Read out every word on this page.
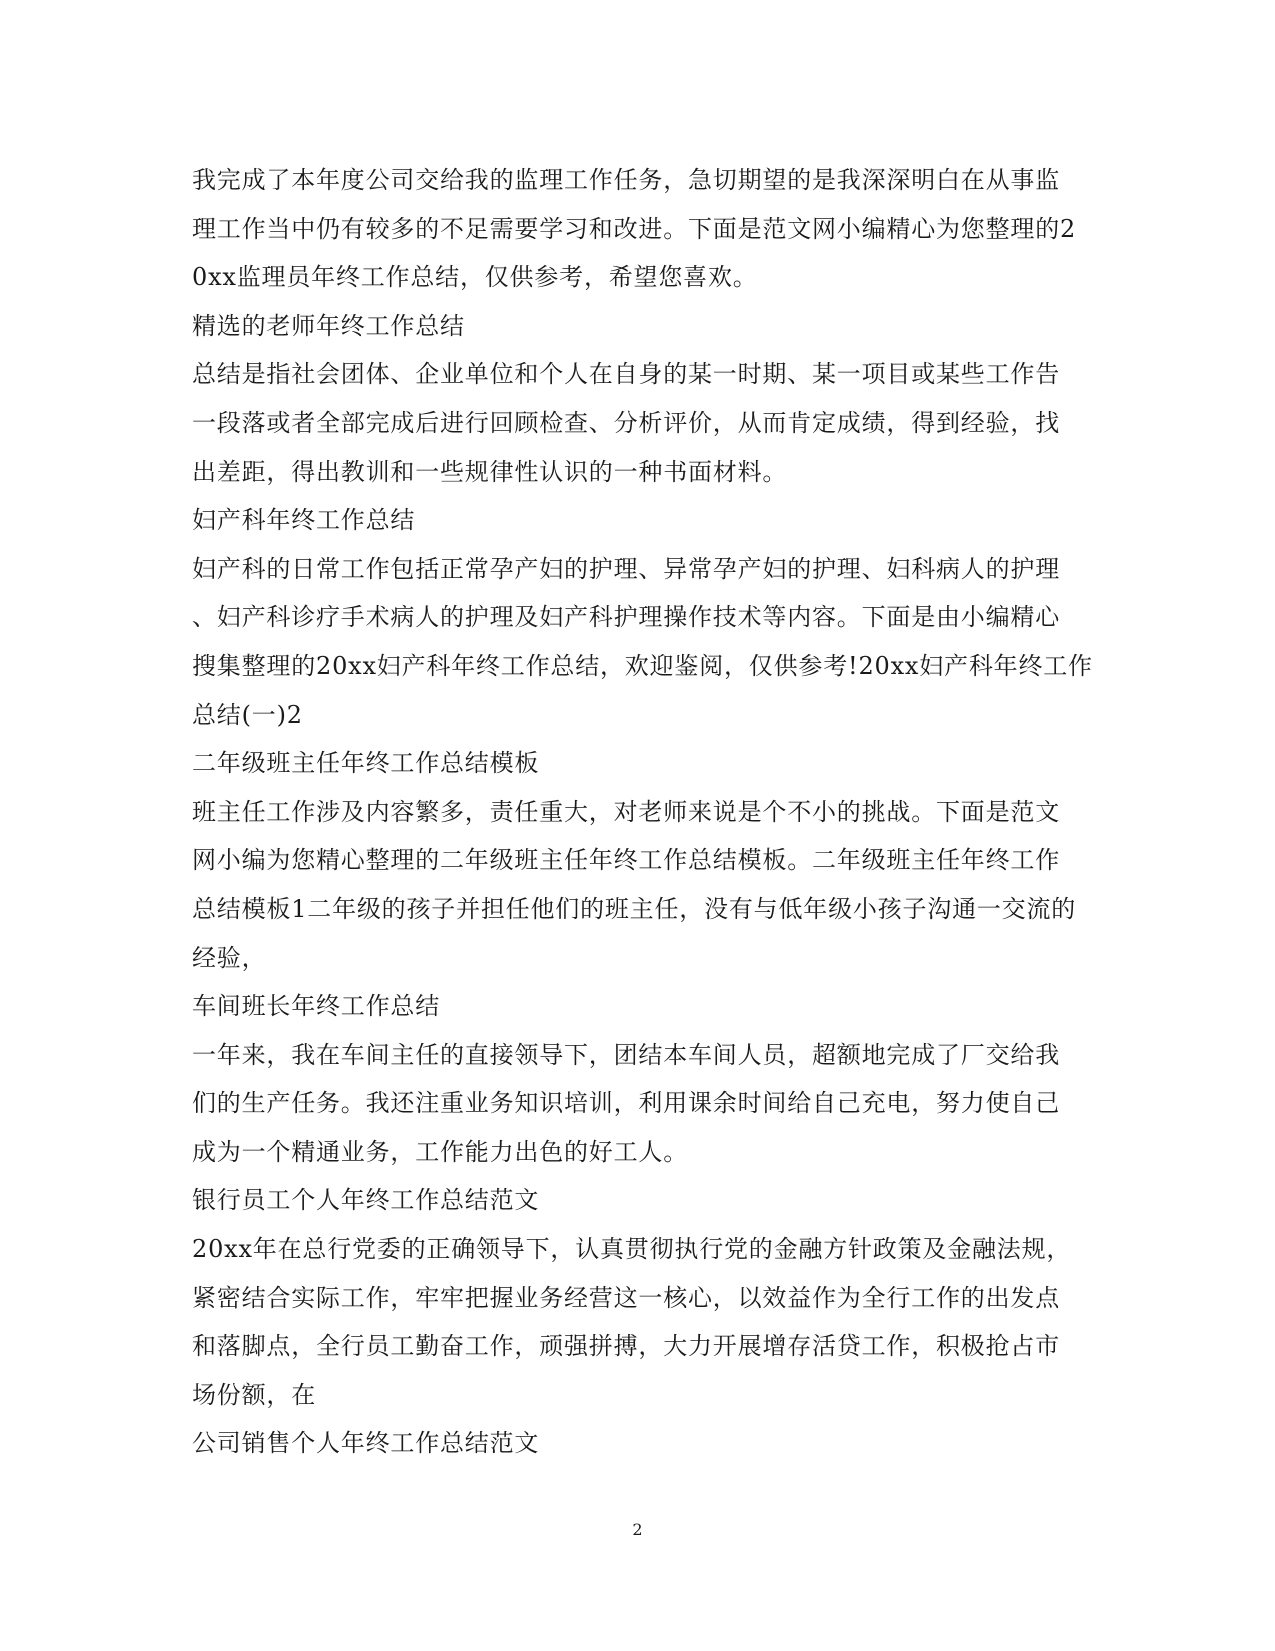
我完成了本年度公司交给我的监理工作任务，急切期望的是我深深明白在从事监
理工作当中仍有较多的不足需要学习和改进。下面是范文网小编精心为您整理的2
0xx监理员年终工作总结，仅供参考，希望您喜欢。
精选的老师年终工作总结
总结是指社会团体、企业单位和个人在自身的某一时期、某一项目或某些工作告
一段落或者全部完成后进行回顾检查、分析评价，从而肯定成绩，得到经验，找
出差距，得出教训和一些规律性认识的一种书面材料。
妇产科年终工作总结
妇产科的日常工作包括正常孕产妇的护理、异常孕产妇的护理、妇科病人的护理
、妇产科诊疗手术病人的护理及妇产科护理操作技术等内容。下面是由小编精心
搜集整理的20xx妇产科年终工作总结，欢迎鉴阅，仅供参考!20xx妇产科年终工作
总结(一)2
二年级班主任年终工作总结模板
班主任工作涉及内容繁多，责任重大，对老师来说是个不小的挑战。下面是范文
网小编为您精心整理的二年级班主任年终工作总结模板。二年级班主任年终工作
总结模板1二年级的孩子并担任他们的班主任，没有与低年级小孩子沟通一交流的
经验，
车间班长年终工作总结
一年来，我在车间主任的直接领导下，团结本车间人员，超额地完成了厂交给我
们的生产任务。我还注重业务知识培训，利用课余时间给自己充电，努力使自己
成为一个精通业务，工作能力出色的好工人。
银行员工个人年终工作总结范文
20xx年在总行党委的正确领导下，认真贯彻执行党的金融方针政策及金融法规，
紧密结合实际工作，牢牢把握业务经营这一核心，以效益作为全行工作的出发点
和落脚点，全行员工勤奋工作，顽强拼搏，大力开展增存活贷工作，积极抢占市
场份额，在
公司销售个人年终工作总结范文
2
